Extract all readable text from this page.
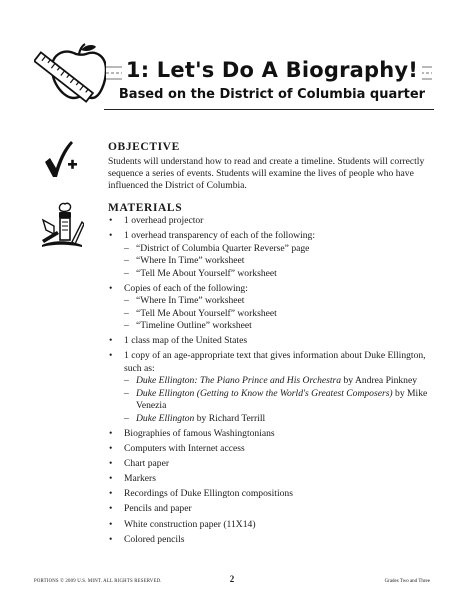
1: Let's Do A Biography!
Based on the District of Columbia quarter
OBJECTIVE
Students will understand how to read and create a timeline. Students will correctly sequence a series of events. Students will examine the lives of people who have influenced the District of Columbia.
MATERIALS
• 1 overhead projector
• 1 overhead transparency of each of the following:
– “District of Columbia Quarter Reverse” page
– “Where In Time” worksheet
– “Tell Me About Yourself” worksheet
• Copies of each of the following:
– “Where In Time” worksheet
– “Tell Me About Yourself” worksheet
– “Timeline Outline” worksheet
• 1 class map of the United States
• 1 copy of an age-appropriate text that gives information about Duke Ellington, such as:
– Duke Ellington: The Piano Prince and His Orchestra by Andrea Pinkney
– Duke Ellington (Getting to Know the World's Greatest Composers) by Mike Venezia
– Duke Ellington by Richard Terrill
• Biographies of famous Washingtonians
• Computers with Internet access
• Chart paper
• Markers
• Recordings of Duke Ellington compositions
• Pencils and paper
• White construction paper (11X14)
• Colored pencils
PORTIONS © 2009 U.S. MINT. ALL RIGHTS RESERVED.	2	Grades Two and Three
